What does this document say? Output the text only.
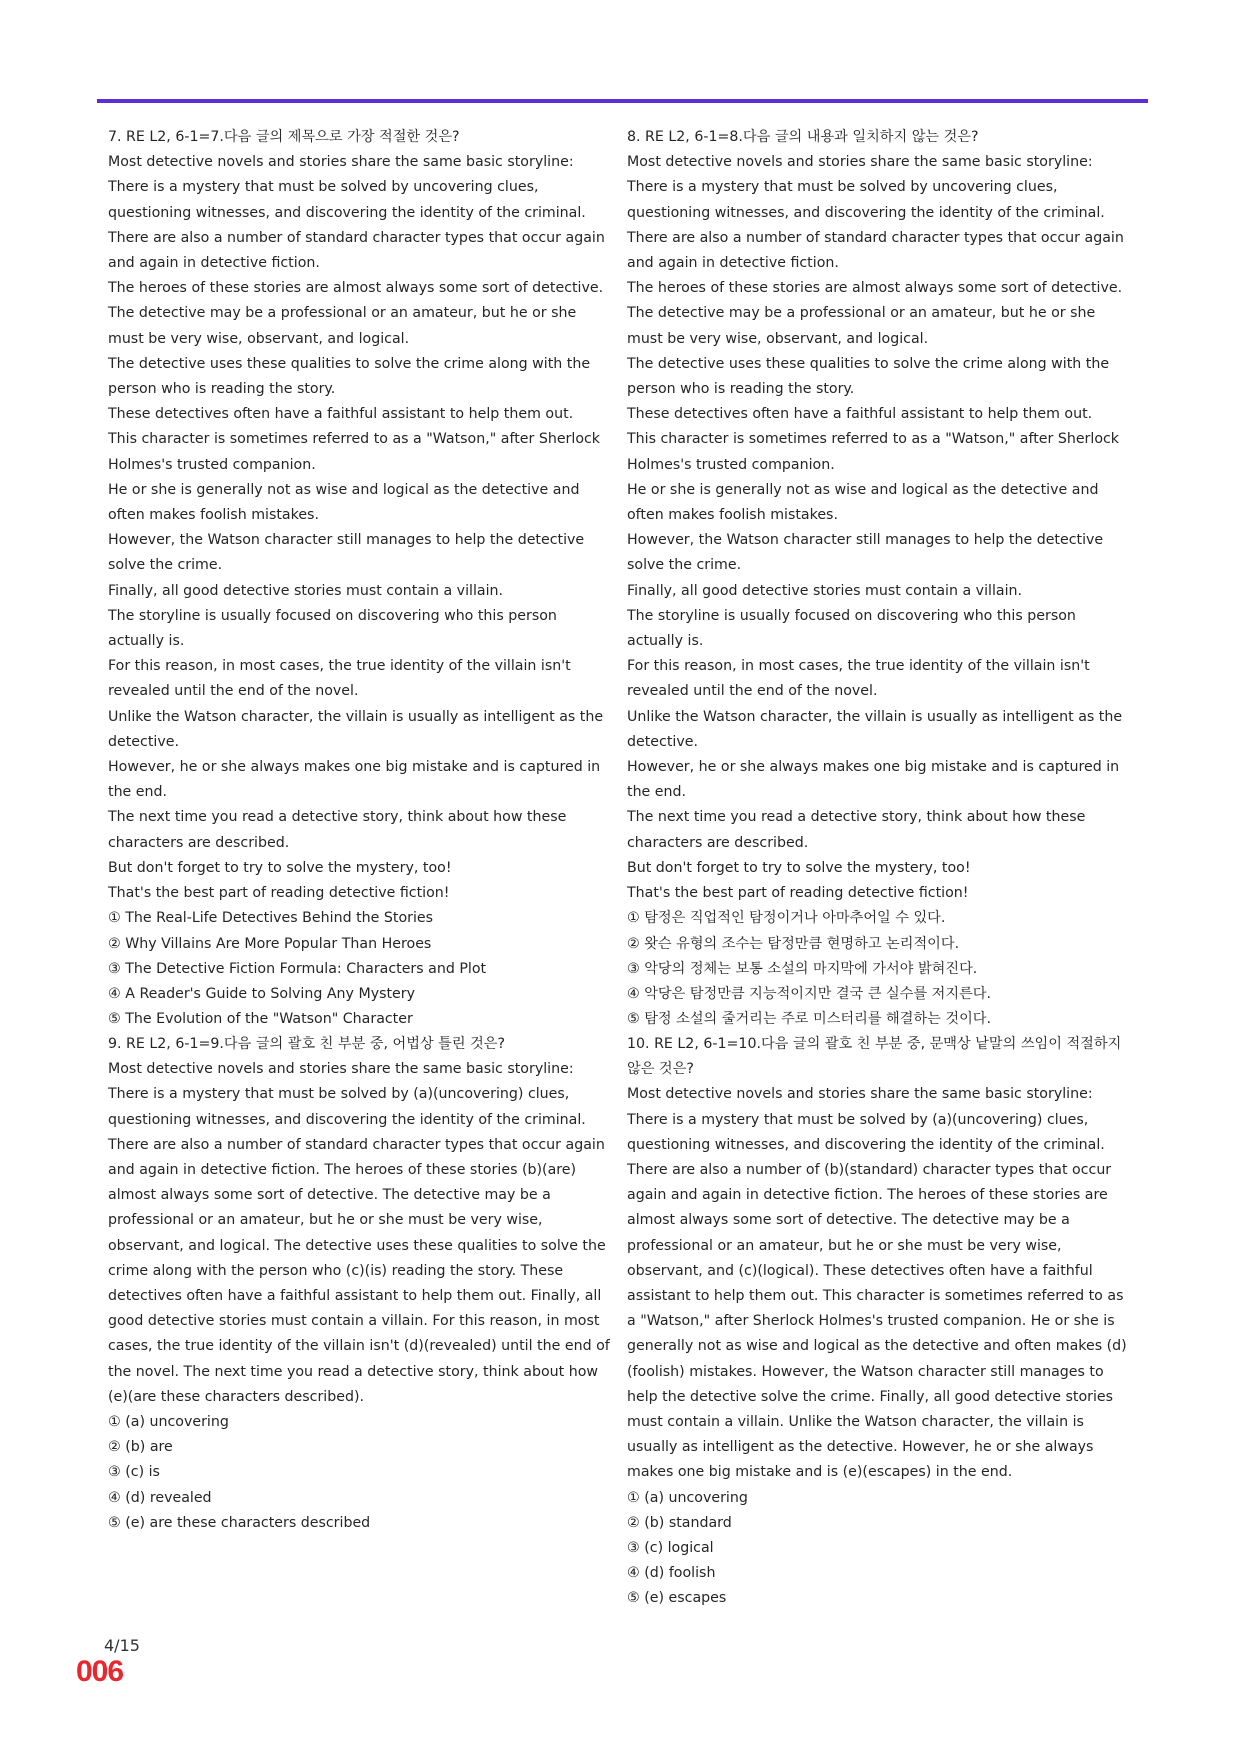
7. RE L2, 6-1=7.다음 글의 제목으로 가장 적절한 것은?

Most detective novels and stories share the same basic storyline:

There is a mystery that must be solved by uncovering clues, questioning witnesses, and discovering the identity of the criminal.

There are also a number of standard character types that occur again and again in detective fiction.

The heroes of these stories are almost always some sort of detective.

The detective may be a professional or an amateur, but he or she must be very wise, observant, and logical.

The detective uses these qualities to solve the crime along with the person who is reading the story.

These detectives often have a faithful assistant to help them out.

This character is sometimes referred to as a "Watson," after Sherlock Holmes's trusted companion.

He or she is generally not as wise and logical as the detective and often makes foolish mistakes.

However, the Watson character still manages to help the detective solve the crime.

Finally, all good detective stories must contain a villain.

The storyline is usually focused on discovering who this person actually is.

For this reason, in most cases, the true identity of the villain isn't revealed until the end of the novel.

Unlike the Watson character, the villain is usually as intelligent as the detective.

However, he or she always makes one big mistake and is captured in the end.

The next time you read a detective story, think about how these characters are described.

But don't forget to try to solve the mystery, too!

That's the best part of reading detective fiction!

① The Real-Life Detectives Behind the Stories

② Why Villains Are More Popular Than Heroes

③ The Detective Fiction Formula: Characters and Plot

④ A Reader's Guide to Solving Any Mystery

⑤ The Evolution of the "Watson" Character

8. RE L2, 6-1=8.다음 글의 내용과 일치하지 않는 것은?

Most detective novels and stories share the same basic storyline:

There is a mystery that must be solved by uncovering clues, questioning witnesses, and discovering the identity of the criminal.

There are also a number of standard character types that occur again and again in detective fiction.

The heroes of these stories are almost always some sort of detective.

The detective may be a professional or an amateur, but he or she must be very wise, observant, and logical.

The detective uses these qualities to solve the crime along with the person who is reading the story.

These detectives often have a faithful assistant to help them out.

This character is sometimes referred to as a "Watson," after Sherlock Holmes's trusted companion.

He or she is generally not as wise and logical as the detective and often makes foolish mistakes.

However, the Watson character still manages to help the detective solve the crime.

Finally, all good detective stories must contain a villain.

The storyline is usually focused on discovering who this person actually is.

For this reason, in most cases, the true identity of the villain isn't revealed until the end of the novel.

Unlike the Watson character, the villain is usually as intelligent as the detective.

However, he or she always makes one big mistake and is captured in the end.

The next time you read a detective story, think about how these characters are described.

But don't forget to try to solve the mystery, too!

That's the best part of reading detective fiction!

① 탐정은 직업적인 탐정이거나 아마추어일 수 있다.

② 왓슨 유형의 조수는 탐정만큼 현명하고 논리적이다.

③ 악당의 정체는 보통 소설의 마지막에 가서야 밝혀진다.

④ 악당은 탐정만큼 지능적이지만 결국 큰 실수를 저지른다.

⑤ 탐정 소설의 줄거리는 주로 미스터리를 해결하는 것이다.

9. RE L2, 6-1=9.다음 글의 괄호 친 부분 중, 어법상 틀린 것은?

Most detective novels and stories share the same basic storyline: There is a mystery that must be solved by (a)(uncovering) clues, questioning witnesses, and discovering the identity of the criminal. There are also a number of standard character types that occur again and again in detective fiction. The heroes of these stories (b)(are) almost always some sort of detective. The detective may be a professional or an amateur, but he or she must be very wise, observant, and logical. The detective uses these qualities to solve the crime along with the person who (c)(is) reading the story. These detectives often have a faithful assistant to help them out. Finally, all good detective stories must contain a villain. For this reason, in most cases, the true identity of the villain isn't (d)(revealed) until the end of the novel. The next time you read a detective story, think about how (e)(are these characters described).

① (a) uncovering

② (b) are

③ (c) is

④ (d) revealed

⑤ (e) are these characters described

10. RE L2, 6-1=10.다음 글의 괄호 친 부분 중, 문맥상 낱말의 쓰임이 적절하지 않은 것은?

Most detective novels and stories share the same basic storyline: There is a mystery that must be solved by (a)(uncovering) clues, questioning witnesses, and discovering the identity of the criminal. There are also a number of (b)(standard) character types that occur again and again in detective fiction. The heroes of these stories are almost always some sort of detective. The detective may be a professional or an amateur, but he or she must be very wise, observant, and (c)(logical). These detectives often have a faithful assistant to help them out. This character is sometimes referred to as a "Watson," after Sherlock Holmes's trusted companion. He or she is generally not as wise and logical as the detective and often makes (d)(foolish) mistakes. However, the Watson character still manages to help the detective solve the crime. Finally, all good detective stories must contain a villain. Unlike the Watson character, the villain is usually as intelligent as the detective. However, he or she always makes one big mistake and is (e)(escapes) in the end.

① (a) uncovering

② (b) standard

③ (c) logical

④ (d) foolish

⑤ (e) escapes

4/15
006
